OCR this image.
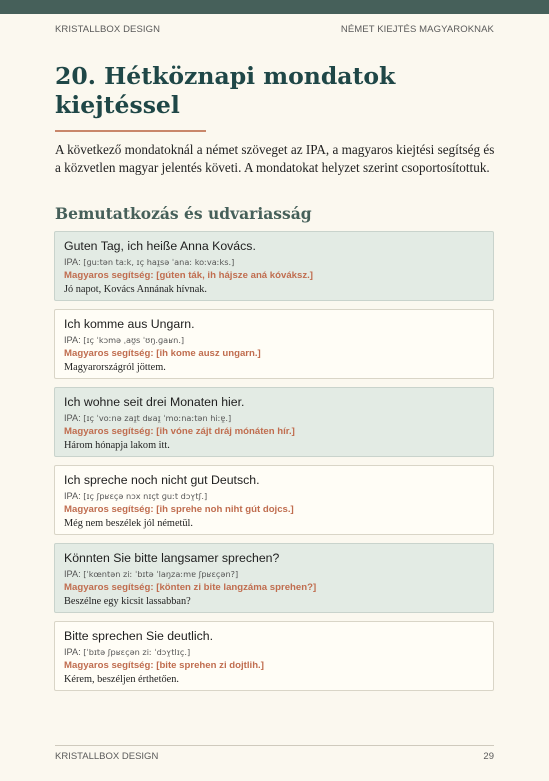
KRISTALLBOX DESIGN	NÉMET KIEJTÉS MAGYAROKNAK
20. Hétköznapi mondatok kiejtéssel

A következő mondatoknál a német szöveget az IPA, a magyaros kiejtési segítség és a közvetlen magyar jelentés követi. A mondatokat helyzet szerint csoportosítottuk.

Bemutatkozás és udvariasság
Guten Tag, ich heiße Anna Kovács.
IPA: [ɡuːtən taːk, ɪç haɪ̯sə ˈanaː koːvaːks.]
Magyaros segítség: [gúten ták, ih hájsze aná kóváksz.]
Jó napot, Kovács Annának hívnak.
Ich komme aus Ungarn.
IPA: [ɪç ˈkɔmə ˌaʊ̯s ˈʊŋ.ɡaʁn.]
Magyaros segítség: [ih kome ausz ungarn.]
Magyarországról jöttem.
Ich wohne seit drei Monaten hier.
IPA: [ɪç ˈvoːnə zaɪ̯t dʁaɪ̯ ˈmoːnaːtən hiːɐ̯.]
Magyaros segítség: [ih vóne zájt dráj mónáten hír.]
Három hónapja lakom itt.
Ich spreche noch nicht gut Deutsch.
IPA: [ɪç ʃpʁɛçə nɔx nɪçt ɡuːt dɔʏ̯tʃ.]
Magyaros segítség: [ih sprehe noh niht gút dojcs.]
Még nem beszélek jól németül.
Könnten Sie bitte langsamer sprechen?
IPA: [ˈkœntən ziː ˈbɪtə ˈlaŋzaːmɐ ʃpʁɛçən?]
Magyaros segítség: [könten zi bite langzáma sprehen?]
Beszélne egy kicsit lassabban?
Bitte sprechen Sie deutlich.
IPA: [ˈbɪtə ʃpʁɛçən ziː ˈdɔʏ̯tlɪç.]
Magyaros segítség: [bite sprehen zi dojtlih.]
Kérem, beszéljen érthetően.
KRISTALLBOX DESIGN	29
